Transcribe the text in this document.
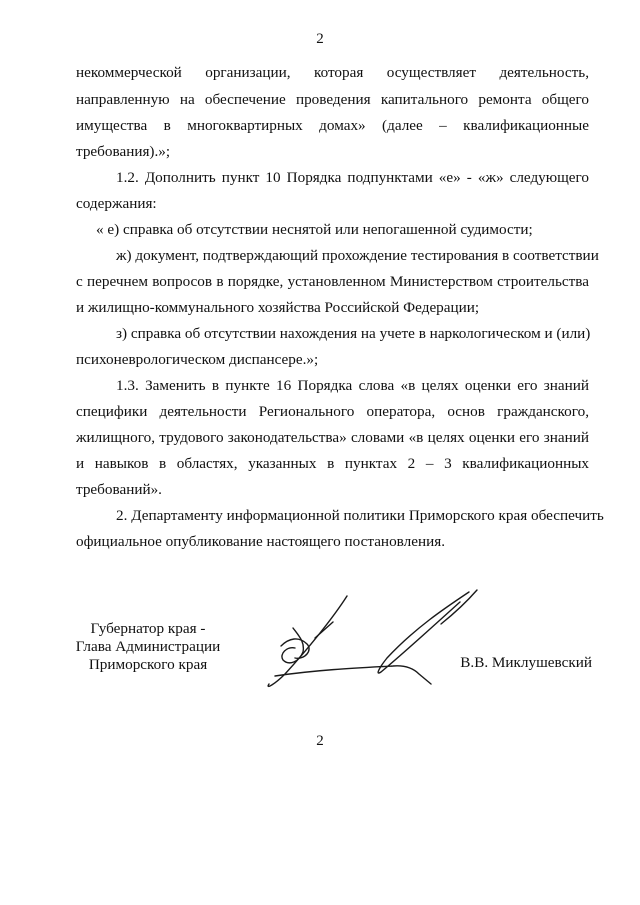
2
некоммерческой организации, которая осуществляет деятельность,
направленную на обеспечение проведения капитального ремонта общего
имущества в многоквартирных домах» (далее – квалификационные
требования).»;
1.2. Дополнить пункт 10 Порядка подпунктами «е» - «ж» следующего
содержания:
« е) справка об отсутствии неснятой или непогашенной судимости;
ж) документ, подтверждающий прохождение тестирования в соответствии
с перечнем вопросов в порядке, установленном Министерством строительства
и жилищно-коммунального хозяйства Российской Федерации;
з) справка об отсутствии нахождения на учете в наркологическом и (или)
психоневрологическом диспансере.»;
1.3. Заменить в пункте 16 Порядка слова «в целях оценки его знаний
специфики деятельности Регионального оператора, основ гражданского,
жилищного, трудового законодательства» словами «в целях оценки его знаний
и навыков в областях, указанных в пунктах 2 – 3 квалификационных
требований».
2. Департаменту информационной политики Приморского края обеспечить
официальное опубликование настоящего постановления.
Губернатор края -
Глава Администрации
Приморского края	В.В. Миклушевский
2
